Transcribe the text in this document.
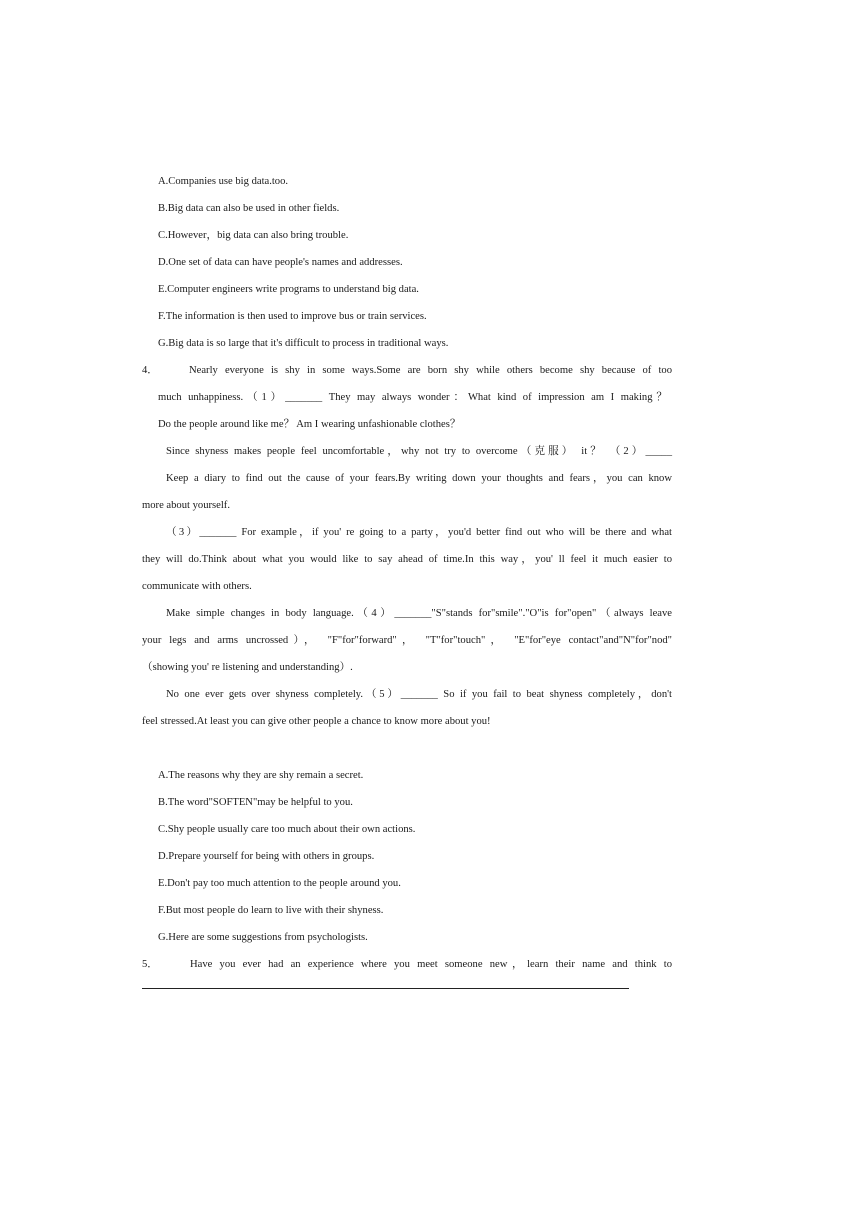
A.Companies use big data.too.
B.Big data can also be used in other fields.
C.However，big data can also bring trouble.
D.One set of data can have people's names and addresses.
E.Computer engineers write programs to understand big data.
F.The information is then used to improve bus or train services.
G.Big data is so large that it's difficult to process in traditional ways.
4．	Nearly everyone is shy in some ways.Some are born shy while others become shy because of too
much unhappiness.（1）_______ They may always wonder：What kind of impression am I making？
Do the people around like me？ Am I wearing unfashionable clothes？
Since shyness makes people feel uncomfortable，why not try to overcome（克服） it？ （2）_____
Keep a diary to find out the cause of your fears.By writing down your thoughts and fears，you can know
more about yourself.
（3）_______ For example，if you' re going to a party，you'd better find out who will be there and what
they will do.Think about what you would like to say ahead of time.In this way，you' ll feel it much easier to
communicate with others.
Make simple changes in body language.（4）_______"S"stands for"smile"."O"is for"open"（always leave
your legs and arms uncrossed）， "F"for"forward"， "T"for"touch"， "E"for"eye contact"and"N"for"nod"
（showing you' re listening and understanding）.
No one ever gets over shyness completely.（5）_______ So if you fail to beat shyness completely，don't
feel stressed.At least you can give other people a chance to know more about you!
A.The reasons why they are shy remain a secret.
B.The word"SOFTEN"may be helpful to you.
C.Shy people usually care too much about their own actions.
D.Prepare yourself for being with others in groups.
E.Don't pay too much attention to the people around you.
F.But most people do learn to live with their shyness.
G.Here are some suggestions from psychologists.
5．	Have you ever had an experience where you meet someone new，learn their name and think to
